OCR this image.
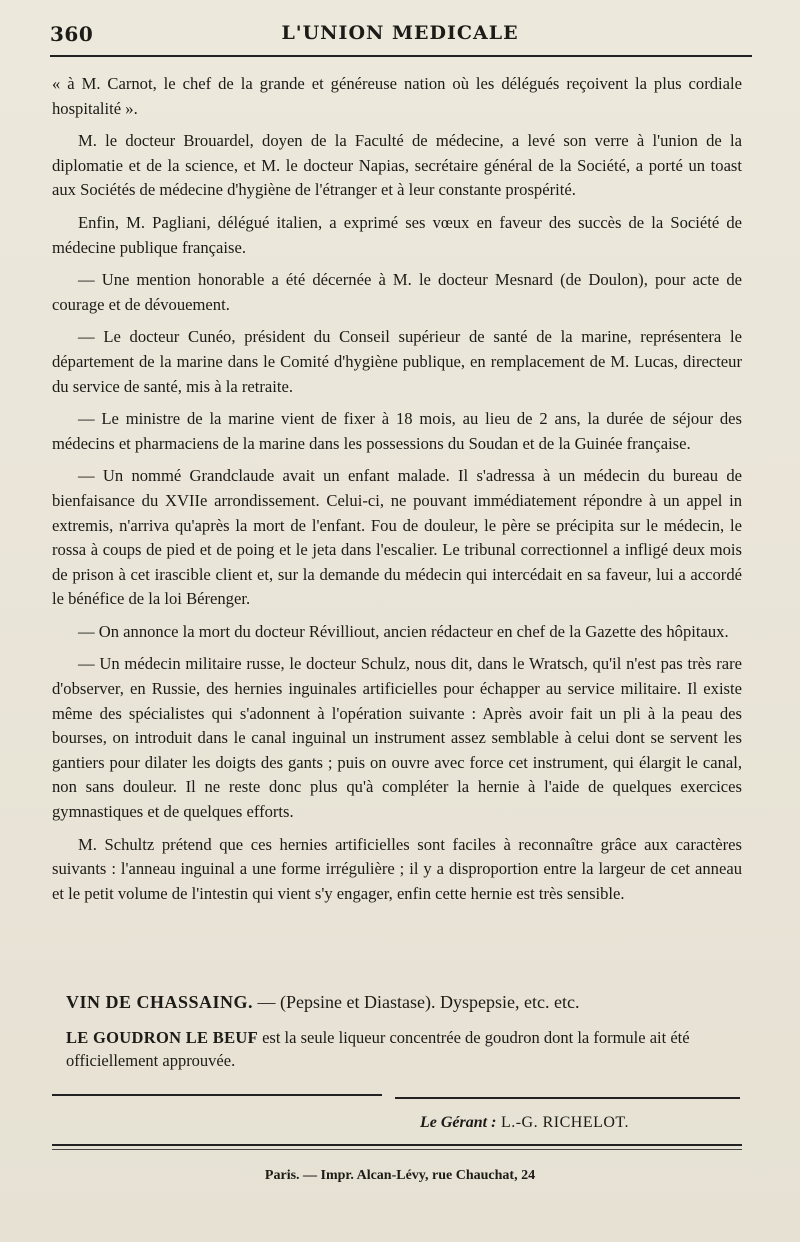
360	L'UNION MEDICALE

« à M. Carnot, le chef de la grande et généreuse nation où les délégués reçoivent la plus cordiale hospitalité ».

M. le docteur Brouardel, doyen de la Faculté de médecine, a levé son verre à l'union de la diplomatie et de la science, et M. le docteur Napias, secrétaire général de la Société, a porté un toast aux Sociétés de médecine d'hygiène de l'étranger et à leur constante prospérité.

Enfin, M. Pagliani, délégué italien, a exprimé ses vœux en faveur des succès de la Société de médecine publique française.

— Une mention honorable a été décernée à M. le docteur Mesnard (de Doulon), pour acte de courage et de dévouement.

— Le docteur Cunéo, président du Conseil supérieur de santé de la marine, représentera le département de la marine dans le Comité d'hygiène publique, en remplacement de M. Lucas, directeur du service de santé, mis à la retraite.

— Le ministre de la marine vient de fixer à 18 mois, au lieu de 2 ans, la durée de séjour des médecins et pharmaciens de la marine dans les possessions du Soudan et de la Guinée française.

— Un nommé Grandclaude avait un enfant malade. Il s'adressa à un médecin du bureau de bienfaisance du XVIIe arrondissement. Celui-ci, ne pouvant immédiatement répondre à un appel in extremis, n'arriva qu'après la mort de l'enfant. Fou de douleur, le père se précipita sur le médecin, le rossa à coups de pied et de poing et le jeta dans l'escalier. Le tribunal correctionnel a infligé deux mois de prison à cet irascible client et, sur la demande du médecin qui intercédait en sa faveur, lui a accordé le bénéfice de la loi Bérenger.

— On annonce la mort du docteur Révilliout, ancien rédacteur en chef de la Gazette des hôpitaux.

— Un médecin militaire russe, le docteur Schulz, nous dit, dans le Wratsch, qu'il n'est pas très rare d'observer, en Russie, des hernies inguinales artificielles pour échapper au service militaire. Il existe même des spécialistes qui s'adonnent à l'opération suivante : Après avoir fait un pli à la peau des bourses, on introduit dans le canal inguinal un instrument assez semblable à celui dont se servent les gantiers pour dilater les doigts des gants ; puis on ouvre avec force cet instrument, qui élargit le canal, non sans douleur. Il ne reste donc plus qu'à compléter la hernie à l'aide de quelques exercices gymnastiques et de quelques efforts.

M. Schultz prétend que ces hernies artificielles sont faciles à reconnaître grâce aux caractères suivants : l'anneau inguinal a une forme irrégulière ; il y a disproportion entre la largeur de cet anneau et le petit volume de l'intestin qui vient s'y engager, enfin cette hernie est très sensible.

VIN DE CHASSAING. — (Pepsine et Diastase). Dyspepsie, etc. etc.
LE GOUDRON LE BEUF est la seule liqueur concentrée de goudron dont la formule ait été officiellement approuvée.
Le Gérant : L.-G. RICHELOT.
Paris. — Impr. Alcan-Lévy, rue Chauchat, 24
